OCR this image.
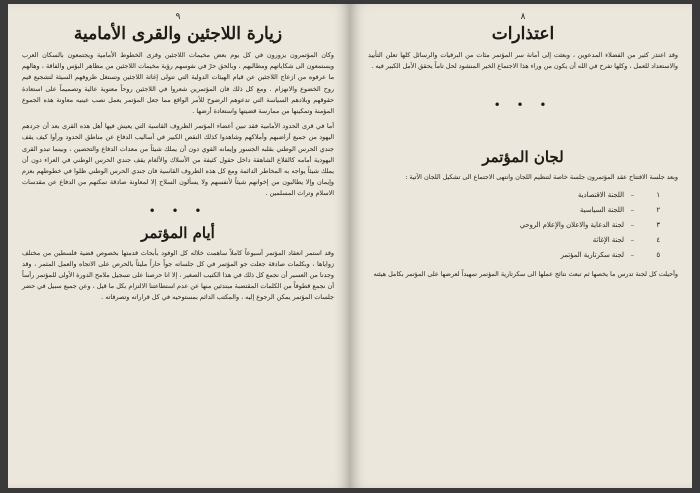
٩
زيارة اللاجئين والقرى الأمامية

وكان المؤتمرون يزورون في كل يوم بعض مخيمات اللاجئين وقرى الخطوط الأمامية ويجتمعون بالسكان العرب ويستمعون الى شكاياتهم ومطالبهم ، وبالحق حرّ في نفوسهم رؤية مخيمات اللاجئين من مظاهر البؤس والفاقة ، وهالهم ما عرفوه من ازعاج اللاجئين عن قيام الهيئات الدولية التي تتولى إغاثة اللاجئين وتستغل ظروفهم السيئة لتشجيع قيم روح الخضوع والانهزام . ومع كل ذلك فان المؤتمرين شعروا في اللاجئين روحاً معنوية عالية وتصميماً على استعادة حقوقهم وبلادهم السياسة التي تدعوهم الرضوخ للأمر الواقع مما جعل المؤتمر يعمل نصب عينيه معاونة هذه الجموع المؤمنة وتمكينها من ممارسة قضيتها واستعادة أرضها .

أما في قرى الحدود الأمامية فقد تبين أعضاء المؤتمر الظروف القاسية التي يعيش فيها أهل هذه القرى بعد أن جردهم اليهود من جميع أراضيهم وأملاكهم وشاهدوا كذلك النقص الكبير في أساليب الدفاع عن مناطق الحدود ورأوا كيف يقف جندي الحرس الوطني بقلبه الجسور وإيمانه القوي دون أن يملك شيئاً من معدات الدفاع والتحصين ، وبينما تبدو القرى اليهودية أمامه كالقلاع الشاهقة داخل حقول كثيفة من الأسلاك والألغام يقف جندي الحرس الوطني في العراء دون أن يملك شيئاً يواجه به المخاطر الدائمة ومع كل هذه الظروف القاسية فان جندي الحرس الوطني ظلوا في خطوطهم بعزم وإيمان وإلا يطالبون من إخوانهم شيئاً لأنفسهم ولا يسألون السلاح إلا لمعاونة صادقة تمكنهم من الدفاع عن مقدسات الاسلام وتراث المسلمين .

• • •
أيام المؤتمر

وقد استمر انعقاد المؤتمر أسبوعاً كاملاً ساهمت خلاله كل الوفود بأبحاث قدمتها بخصوص قضية فلسطين من مختلف زواياها ، وبكلمات صادقة جعلت جو المؤتمر في كل جلساته جواً حاراً مليئاً بالحرص على الاتجاه والعمل المثمر ، وقد وجدنا من العسير أن نجمع كل ذلك في هذا الكتيب الصغير ، إلا انا حرصنا على تسجيل ملامح الدورة الأولى للمؤتمر رأساً أن نجمع قطوفاً من الكلمات المقتضبة مبتدئين منها عن عدم استطاعتنا الالتزام بكل ما قيل ، وعن جميع سبيل في حضر جلسات المؤتمر يمكن الرجوع إليه ، والمكتب الدائم بمستوحيه في كل قراراته وتصرفاته .

٨
اعتذارات

وقد اعتذر كثير من الفضلاء المدعوين ، وبعثت إلى أمانة سر المؤتمر مئات من البرقيات والرسائل كلها تعلن التأييد والاستعداد للعمل ، وكلها تفرح في الله أن يكون من وراء هذا الاجتماع الخير المنشود لحل تاماً يحقق الأمل الكبير فيه .

• • •
لجان المؤتمر

وبعد جلسة الافتتاح عقد المؤتمرون جلسة خاصة لتنظيم اللجان وانتهى الاجتماع الى تشكيل اللجان الآتية :

١
–
اللجنة الاقتصادية
٢
–
اللجنة السياسية
٣
–
لجنة الدعاية والاعلان والإعلام الروحي
٤
–
لجنة الإغاثة
٥
–
لجنة سكرتارية المؤتمر

وأحيلت كل لجنة تدرس ما يخصها ثم تبعث نتائج عملها الى سكرتارية المؤتمر تمهيداً لعرضها على المؤتمر بكامل هيئته
